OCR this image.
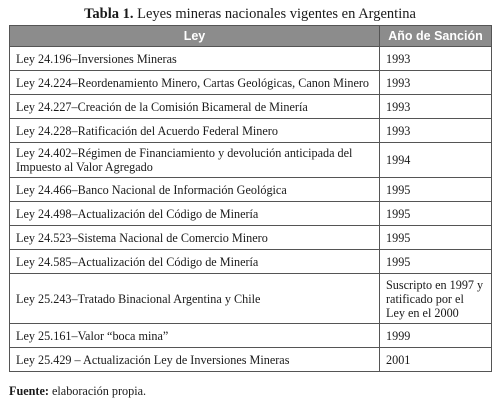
Tabla 1. Leyes mineras nacionales vigentes en Argentina
Ley	Año de Sanción
Ley 24.196–Inversiones Mineras	1993
Ley 24.224–Reordenamiento Minero, Cartas Geológicas, Canon Minero	1993
Ley 24.227–Creación de la Comisión Bicameral de Minería	1993
Ley 24.228–Ratificación del Acuerdo Federal Minero	1993
Ley 24.402–Régimen de Financiamiento y devolución anticipada del Impuesto al Valor Agregado	1994
Ley 24.466–Banco Nacional de Información Geológica	1995
Ley 24.498–Actualización del Código de Minería	1995
Ley 24.523–Sistema Nacional de Comercio Minero	1995
Ley 24.585–Actualización del Código de Minería	1995
Ley 25.243–Tratado Binacional Argentina y Chile	Suscripto en 1997 y ratificado por el Ley en el 2000
Ley 25.161–Valor “boca mina”	1999
Ley 25.429 – Actualización Ley de Inversiones Mineras	2001
Fuente: elaboración propia.
